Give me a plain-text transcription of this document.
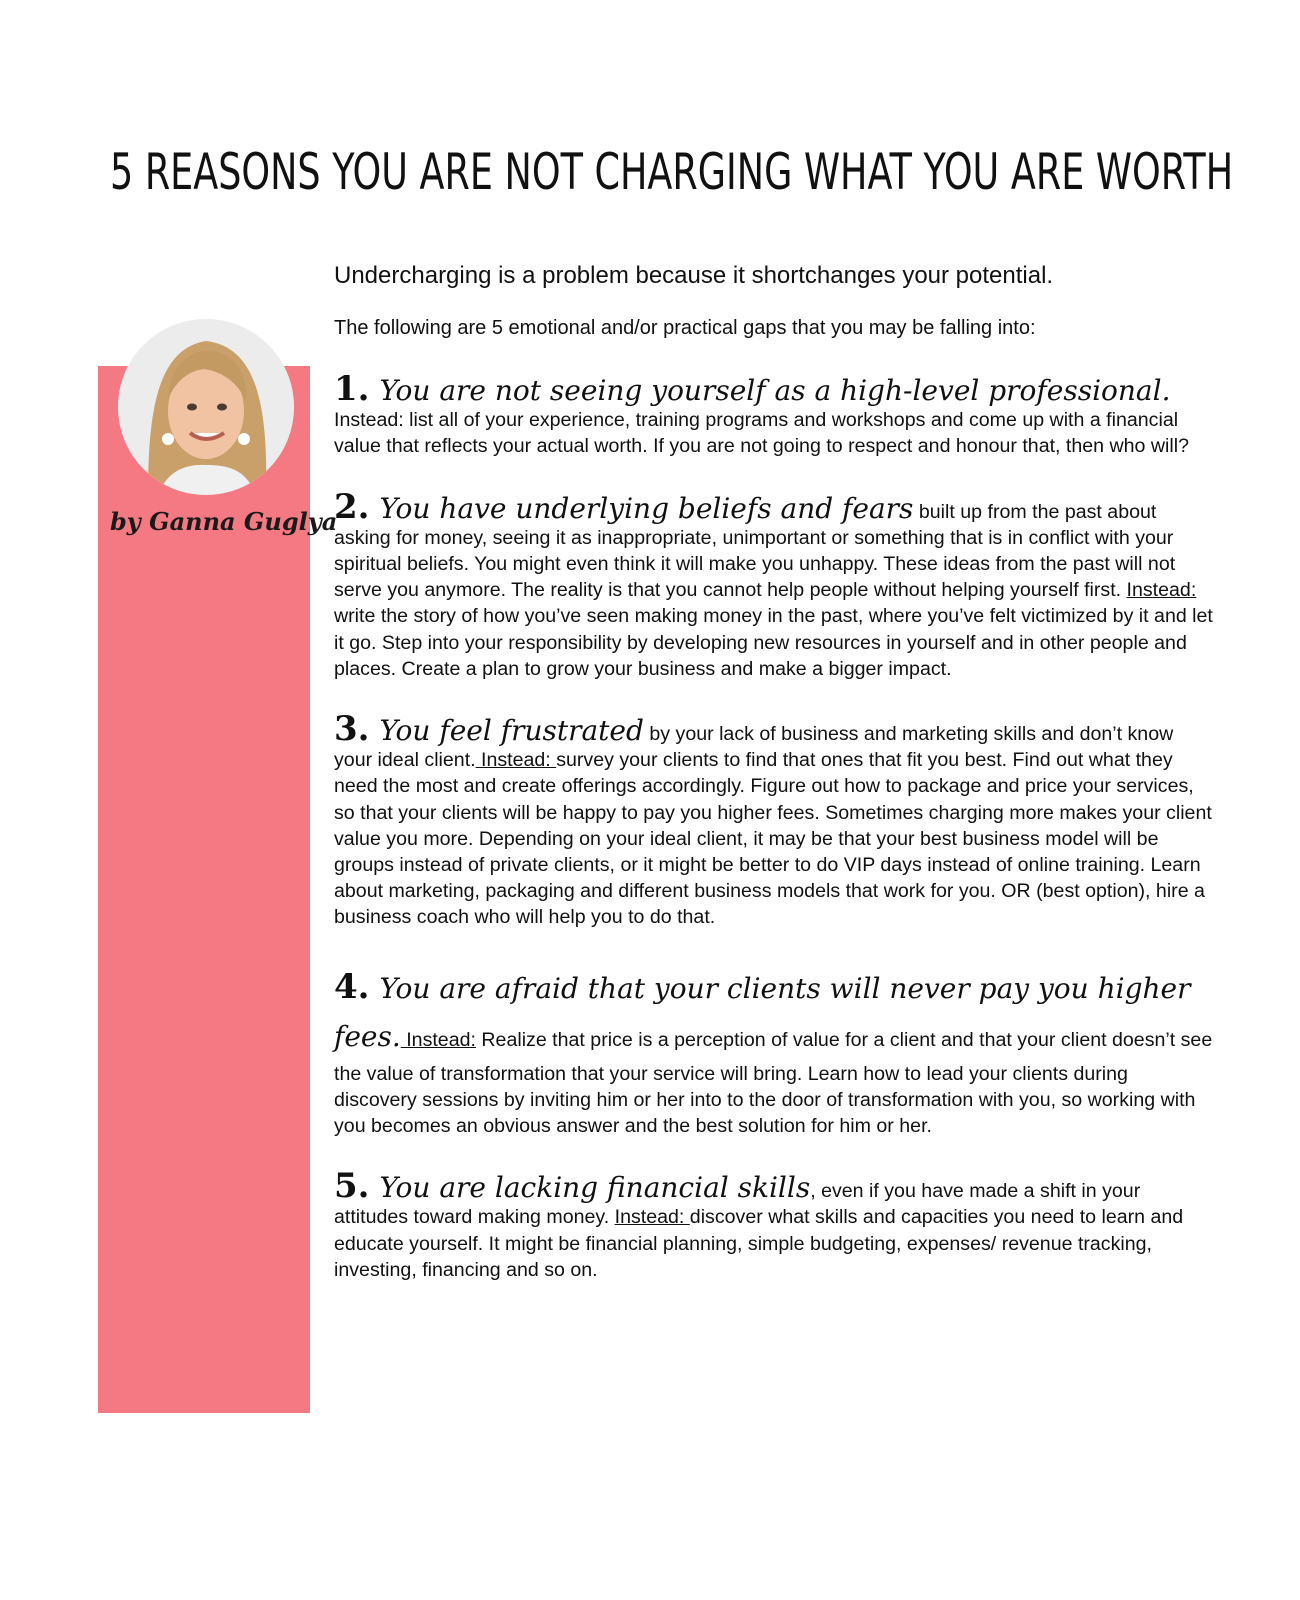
5 REASONS YOU ARE NOT CHARGING WHAT YOU ARE WORTH
by Ganna Guglya

Undercharging is a problem because it shortchanges your potential.

The following are 5 emotional and/or practical gaps that you may be falling into:

1. You are not seeing yourself as a high-level professional.
Instead: list all of your experience, training programs and workshops and come up with a financial value that reflects your actual worth. If you are not going to respect and honour that, then who will?

2. You have underlying beliefs and fears built up from the past about asking for money, seeing it as inappropriate, unimportant or something that is in conflict with your spiritual beliefs. You might even think it will make you unhappy. These ideas from the past will not serve you anymore. The reality is that you cannot help people without helping yourself first. Instead: write the story of how you’ve seen making money in the past, where you’ve felt victimized by it and let it go. Step into your responsibility by developing new resources in yourself and in other people and places. Create a plan to grow your business and make a bigger impact.

3. You feel frustrated by your lack of business and marketing skills and don’t know your ideal client. Instead: survey your clients to find that ones that fit you best. Find out what they need the most and create offerings accordingly. Figure out how to package and price your services, so that your clients will be happy to pay you higher fees. Sometimes charging more makes your client value you more. Depending on your ideal client, it may be that your best business model will be groups instead of private clients, or it might be better to do VIP days instead of online training. Learn about marketing, packaging and different business models that work for you. OR (best option), hire a business coach who will help you to do that.

4. You are afraid that your clients will never pay you higher fees. Instead: Realize that price is a perception of value for a client and that your client doesn’t see the value of transformation that your service will bring. Learn how to lead your clients during discovery sessions by inviting him or her into to the door of transformation with you, so working with you becomes an obvious answer and the best solution for him or her.

5. You are lacking financial skills, even if you have made a shift in your attitudes toward making money. Instead: discover what skills and capacities you need to learn and educate yourself. It might be financial planning, simple budgeting, expenses/ revenue tracking, investing, financing and so on.
